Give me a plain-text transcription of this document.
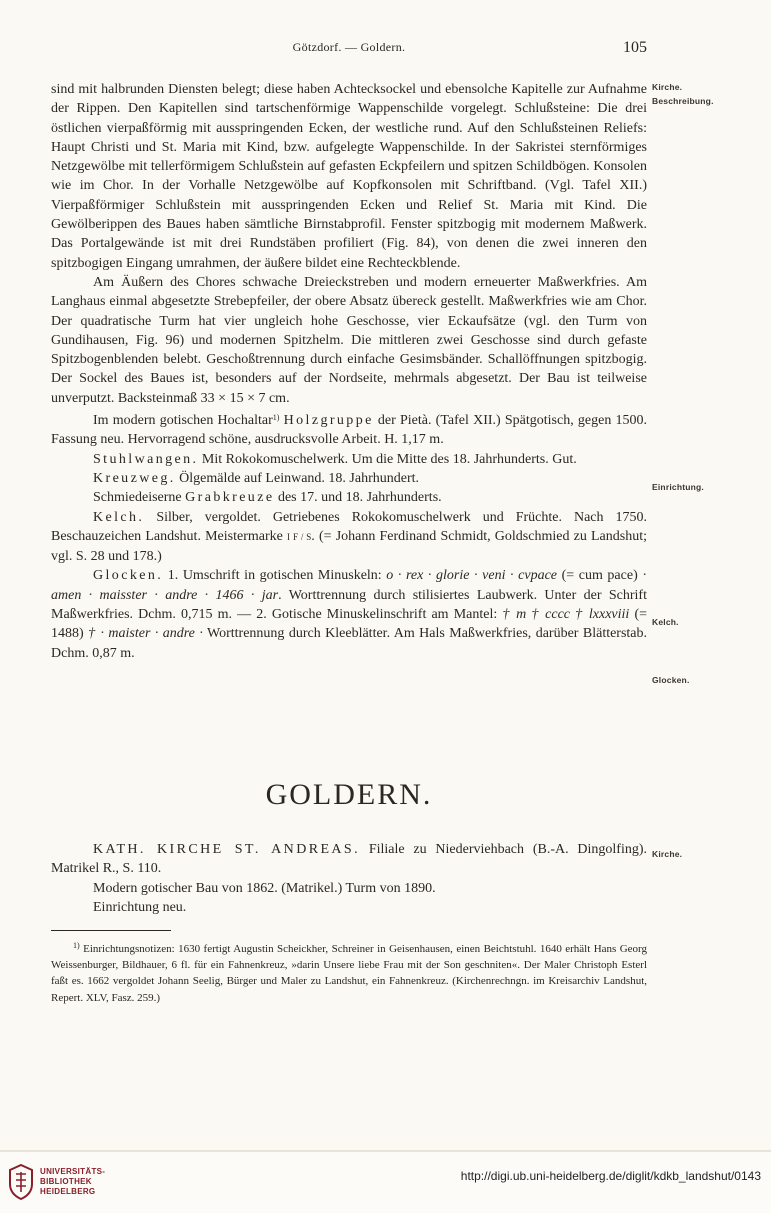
Götzdorf. — Goldern.	105
Kirche.
Beschreibung.
Einrichtung.
Kelch.
Glocken.
Kirche.

sind mit halbrunden Diensten belegt; diese haben Achtecksockel und ebensolche Kapitelle zur Aufnahme der Rippen. Den Kapitellen sind tartschenförmige Wappenschilde vorgelegt. Schlußsteine: Die drei östlichen vierpaßförmig mit ausspringenden Ecken, der westliche rund. Auf den Schlußsteinen Reliefs: Haupt Christi und St. Maria mit Kind, bzw. aufgelegte Wappenschilde. In der Sakristei sternförmiges Netzgewölbe mit tellerförmigem Schlußstein auf gefasten Eckpfeilern und spitzen Schildbögen. Konsolen wie im Chor. In der Vorhalle Netzgewölbe auf Kopfkonsolen mit Schriftband. (Vgl. Tafel XII.) Vierpaßförmiger Schlußstein mit ausspringenden Ecken und Relief St. Maria mit Kind. Die Gewölberippen des Baues haben sämtliche Birnstabprofil. Fenster spitzbogig mit modernem Maßwerk. Das Portalgewände ist mit drei Rundstäben profiliert (Fig. 84), von denen die zwei inneren den spitzbogigen Eingang umrahmen, der äußere bildet eine Rechteckblende.

Am Äußern des Chores schwache Dreieckstreben und modern erneuerter Maßwerkfries. Am Langhaus einmal abgesetzte Strebepfeiler, der obere Absatz übereck gestellt. Maßwerkfries wie am Chor. Der quadratische Turm hat vier ungleich hohe Geschosse, vier Eckaufsätze (vgl. den Turm von Gundihausen, Fig. 96) und modernen Spitzhelm. Die mittleren zwei Geschosse sind durch gefaste Spitzbogenblenden belebt. Geschoßtrennung durch einfache Gesimsbänder. Schallöffnungen spitzbogig. Der Sockel des Baues ist, besonders auf der Nordseite, mehrmals abgesetzt. Der Bau ist teilweise unverputzt. Backsteinmaß 33 × 15 × 7 cm.

Im modern gotischen Hochaltar$^{1)}$ Holzgruppe der Pietà. (Tafel XII.) Spätgotisch, gegen 1500. Fassung neu. Hervorragend schöne, ausdrucksvolle Arbeit. H. 1,17 m.

Stuhlwangen. Mit Rokokomuschelwerk. Um die Mitte des 18. Jahrhunderts. Gut.

Kreuzweg. Ölgemälde auf Leinwand. 18. Jahrhundert.

Schmiedeiserne Grabkreuze des 17. und 18. Jahrhunderts.

Kelch. Silber, vergoldet. Getriebenes Rokokomuschelwerk und Früchte. Nach 1750. Beschauzeichen Landshut. Meistermarke I F / S. (= Johann Ferdinand Schmidt, Goldschmied zu Landshut; vgl. S. 28 und 178.)

Glocken. 1. Umschrift in gotischen Minuskeln: o · rex · glorie · veni · cvpace (= cum pace) · amen · maisster · andre · 1466 · jar. Worttrennung durch stilisiertes Laubwerk. Unter der Schrift Maßwerkfries. Dchm. 0,715 m. — 2. Gotische Minuskelinschrift am Mantel: † m † cccc † lxxxviii (= 1488) † · maister · andre · Worttrennung durch Kleeblätter. Am Hals Maßwerkfries, darüber Blätterstab. Dchm. 0,87 m.

GOLDERN.

KATH. KIRCHE ST. ANDREAS. Filiale zu Niederviehbach (B.-A. Dingolfing). Matrikel R., S. 110.

Modern gotischer Bau von 1862. (Matrikel.) Turm von 1890.

Einrichtung neu.

$^{1)}$ Einrichtungsnotizen: 1630 fertigt Augustin Scheickher, Schreiner in Geisenhausen, einen Beichtstuhl. 1640 erhält Hans Georg Weissenburger, Bildhauer, 6 fl. für ein Fahnenkreuz, »darin Unsere liebe Frau mit der Son geschniten«. Der Maler Christoph Esterl faßt es. 1662 vergoldet Johann Seelig, Bürger und Maler zu Landshut, ein Fahnenkreuz. (Kirchenrechngn. im Kreisarchiv Landshut, Repert. XLV, Fasz. 259.)

UNIVERSITÄTS-
BIBLIOTHEK
HEIDELBERG
http://digi.ub.uni-heidelberg.de/diglit/kdkb_landshut/0143
